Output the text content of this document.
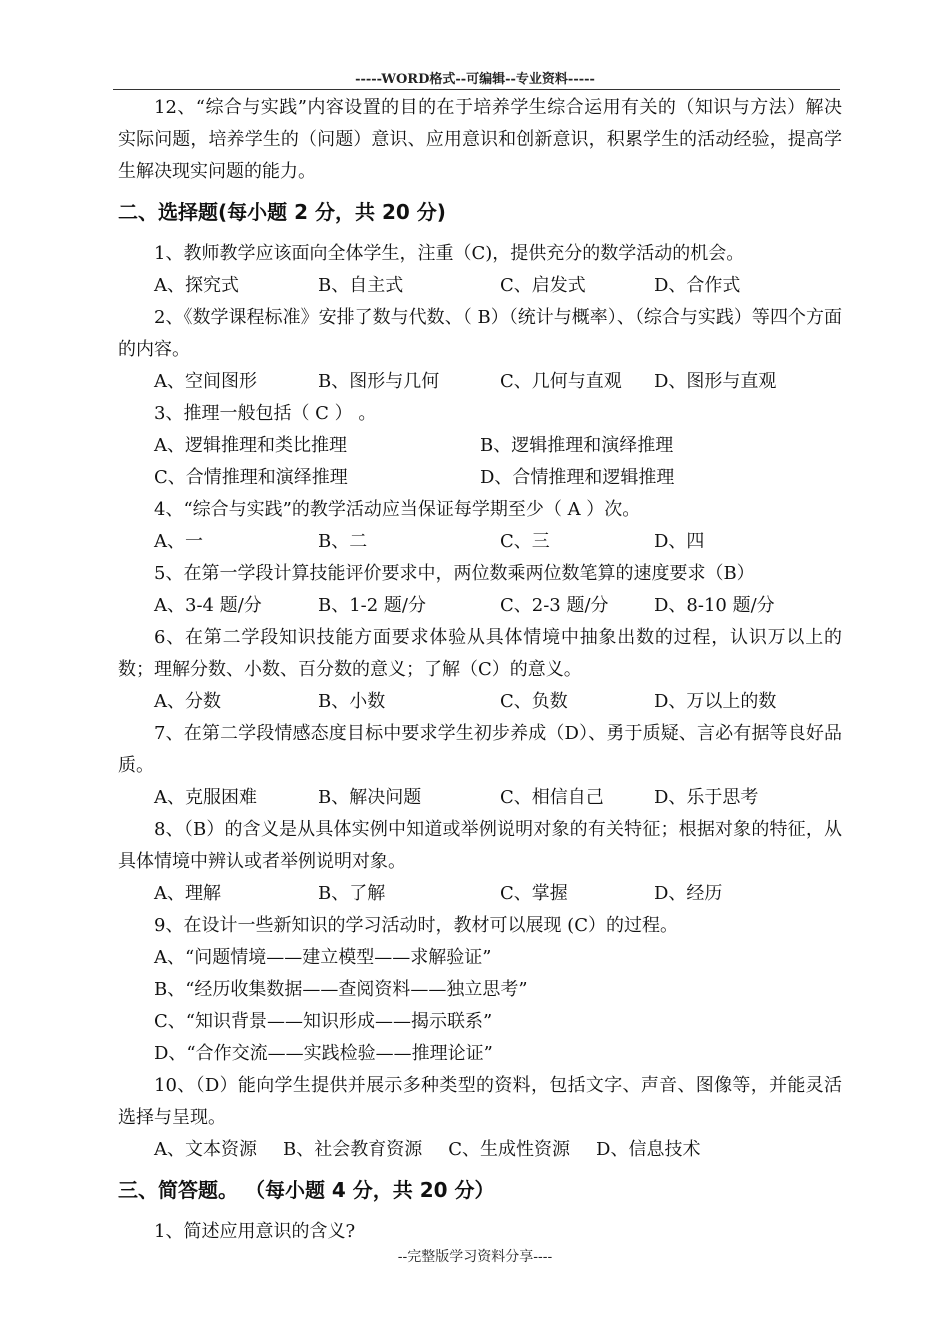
-----WORD格式--可编辑--专业资料-----

12、“综合与实践”内容设置的目的在于培养学生综合运用有关的（知识与方法）解决实际问题，培养学生的（问题）意识、应用意识和创新意识，积累学生的活动经验，提高学生解决现实问题的能力。

二、选择题(每小题 2 分，共 20 分)

1、教师教学应该面向全体学生，注重（C)，提供充分的数学活动的机会。

A、探究式	B、自主式	C、启发式	D、合作式

2、《数学课程标准》安排了数与代数、（ B）（统计与概率）、（综合与实践）等四个方面的内容。

A、空间图形	B、图形与几何	C、几何与直观	D、图形与直观

3、推理一般包括（ C ） 。

A、逻辑推理和类比推理	B、逻辑推理和演绎推理
C、合情推理和演绎推理	D、合情推理和逻辑推理

4、“综合与实践”的教学活动应当保证每学期至少（ A ）次。

A、一	B、二	C、三	D、四

5、在第一学段计算技能评价要求中，两位数乘两位数笔算的速度要求（B）

A、3-4 题/分	B、1-2 题/分	C、2-3 题/分	D、8-10 题/分

6、在第二学段知识技能方面要求体验从具体情境中抽象出数的过程，认识万以上的数；理解分数、小数、百分数的意义；了解（C）的意义。

A、分数	B、小数	C、负数	D、万以上的数

7、在第二学段情感态度目标中要求学生初步养成（D）、勇于质疑、言必有据等良好品质。

A、克服困难	B、解决问题	C、相信自己	D、乐于思考

8、（B）的含义是从具体实例中知道或举例说明对象的有关特征；根据对象的特征，从具体情境中辨认或者举例说明对象。

A、理解	B、了解	C、掌握	D、经历

9、在设计一些新知识的学习活动时，教材可以展现 (C）的过程。

A、“问题情境——建立模型——求解验证”
B、“经历收集数据——查阅资料——独立思考”
C、“知识背景——知识形成——揭示联系”
D、“合作交流——实践检验——推理论证”

10、（D）能向学生提供并展示多种类型的资料，包括文字、声音、图像等，并能灵活选择与呈现。

A、文本资源 B、社会教育资源 C、生成性资源 D、信息技术
三、简答题。 （每小题 4 分，共 20 分）

1、简述应用意识的含义?

--完整版学习资料分享----
